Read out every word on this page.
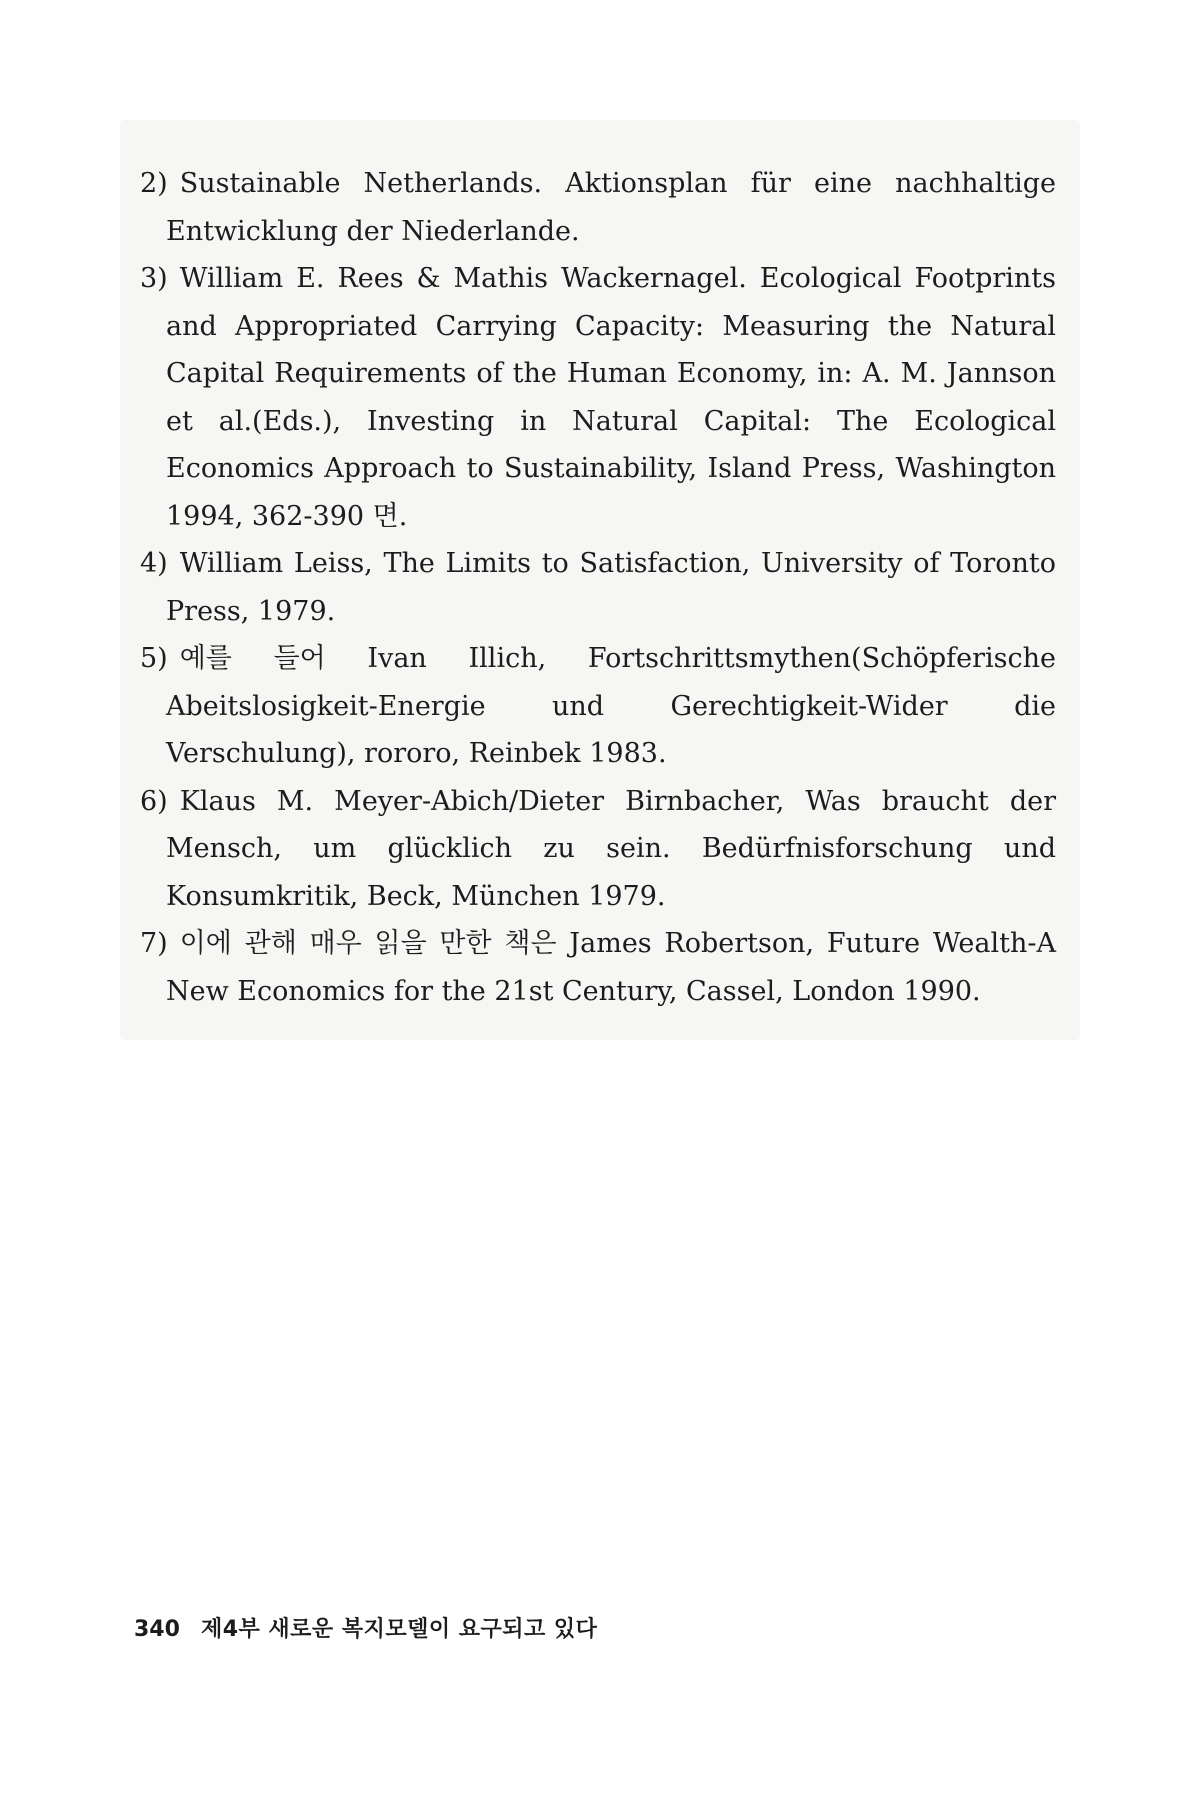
2) Sustainable Netherlands. Aktionsplan für eine nachhaltige Entwicklung der Niederlande.
3) William E. Rees & Mathis Wackernagel. Ecological Footprints and Appropriated Carrying Capacity: Measuring the Natural Capital Requirements of the Human Economy, in: A. M. Jannson et al.(Eds.), Investing in Natural Capital: The Ecological Economics Approach to Sustainability, Island Press, Washington 1994, 362-390 면.
4) William Leiss, The Limits to Satisfaction, University of Toronto Press, 1979.
5) 예를 들어 Ivan Illich, Fortschrittsmythen(Schöpferische Abeitslosigkeit-Energie und Gerechtigkeit-Wider die Verschulung), rororo, Reinbek 1983.
6) Klaus M. Meyer-Abich/Dieter Birnbacher, Was braucht der Mensch, um glücklich zu sein. Bedürfnisforschung und Konsumkritik, Beck, München 1979.
7) 이에 관해 매우 읽을 만한 책은 James Robertson, Future Wealth-A New Economics for the 21st Century, Cassel, London 1990.
340 제4부 새로운 복지모델이 요구되고 있다
